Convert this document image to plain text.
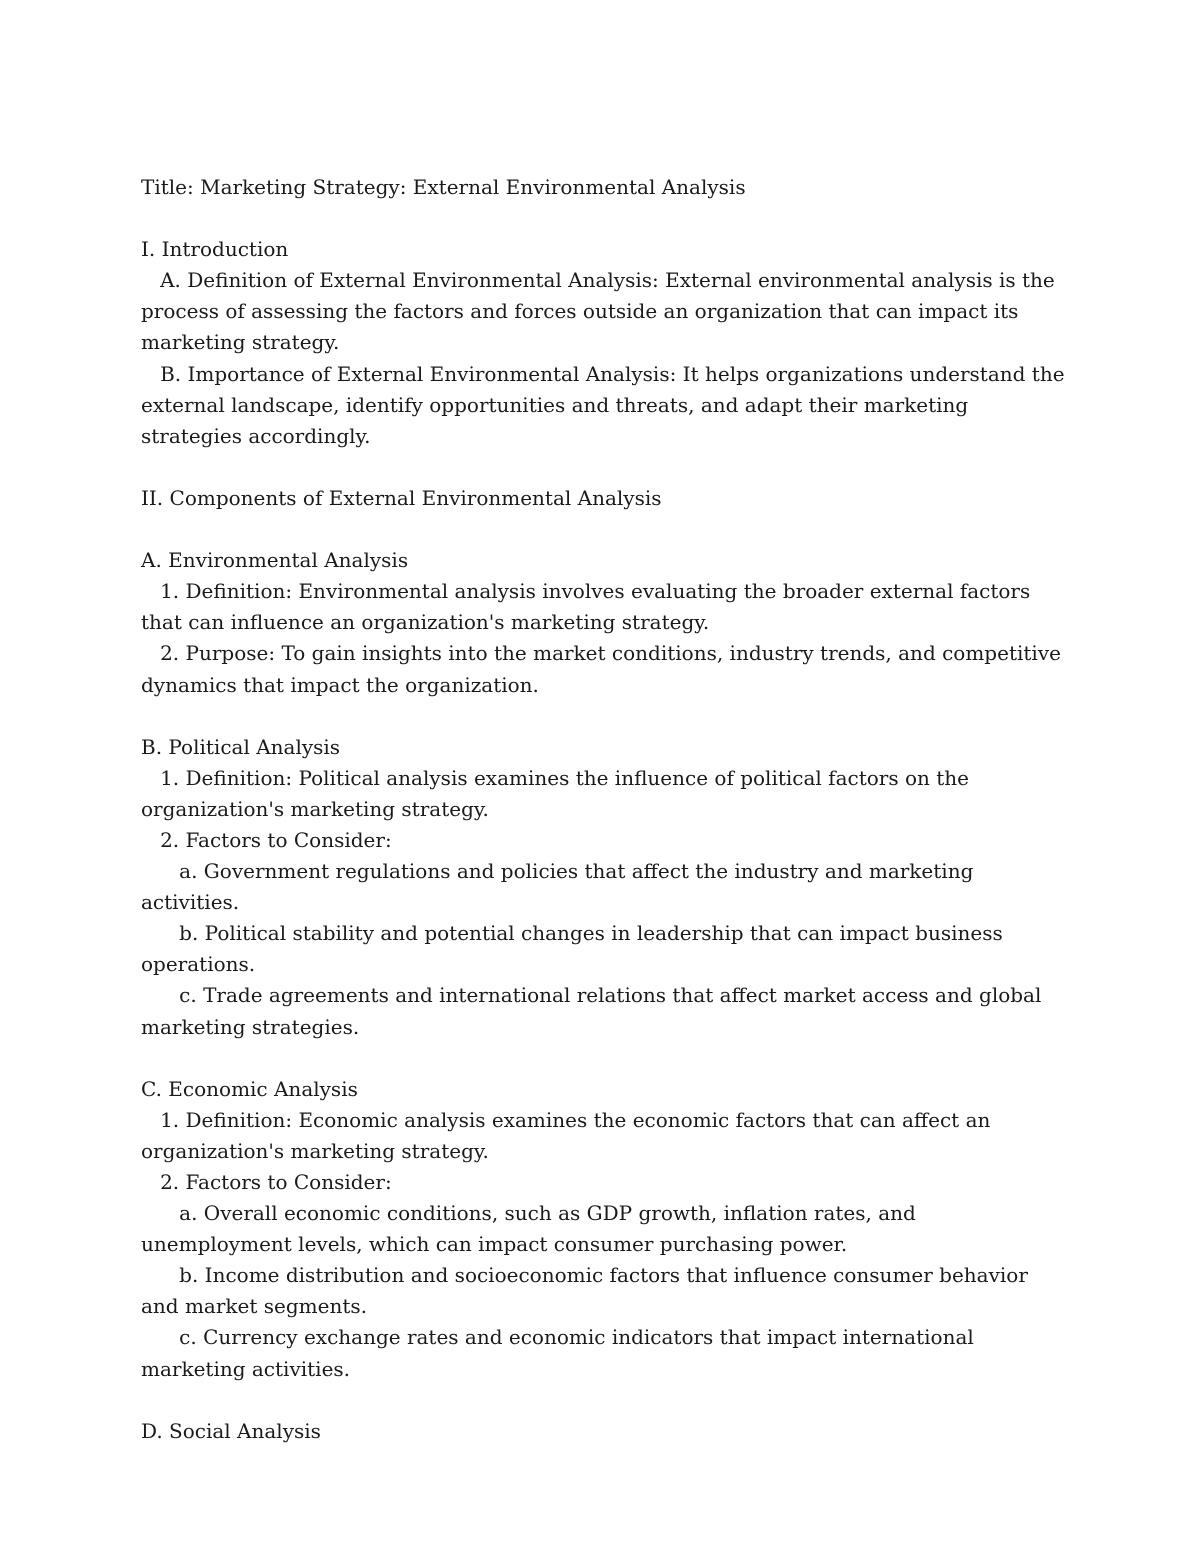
Title: Marketing Strategy: External Environmental Analysis

I. Introduction

A. Definition of External Environmental Analysis: External environmental analysis is the process of assessing the factors and forces outside an organization that can impact its marketing strategy.

B. Importance of External Environmental Analysis: It helps organizations understand the external landscape, identify opportunities and threats, and adapt their marketing strategies accordingly.

II. Components of External Environmental Analysis

A. Environmental Analysis

1. Definition: Environmental analysis involves evaluating the broader external factors that can influence an organization's marketing strategy.

2. Purpose: To gain insights into the market conditions, industry trends, and competitive dynamics that impact the organization.

B. Political Analysis

1. Definition: Political analysis examines the influence of political factors on the organization's marketing strategy.

2. Factors to Consider:

a. Government regulations and policies that affect the industry and marketing activities.

b. Political stability and potential changes in leadership that can impact business operations.

c. Trade agreements and international relations that affect market access and global marketing strategies.

C. Economic Analysis

1. Definition: Economic analysis examines the economic factors that can affect an organization's marketing strategy.

2. Factors to Consider:

a. Overall economic conditions, such as GDP growth, inflation rates, and unemployment levels, which can impact consumer purchasing power.

b. Income distribution and socioeconomic factors that influence consumer behavior and market segments.

c. Currency exchange rates and economic indicators that impact international marketing activities.

D. Social Analysis
